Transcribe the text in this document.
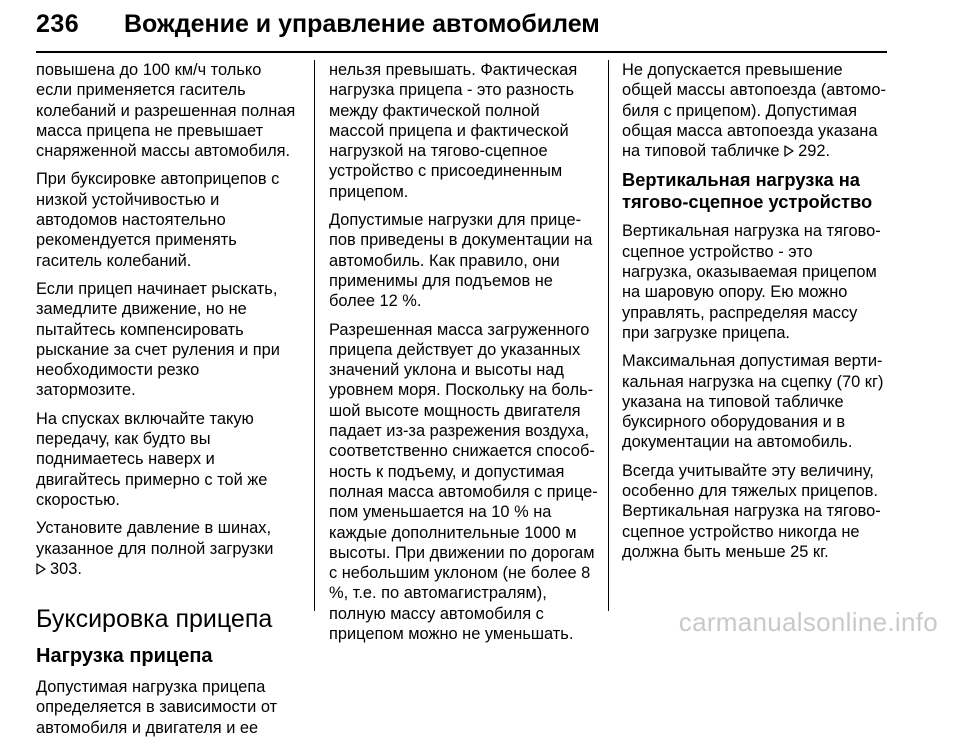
236 Вождение и управление автомобилем

повышена до 100 км/ч только если применяется гаситель колебаний и разрешенная полная масса прицепа не превышает снаряженной массы автомобиля.

При буксировке автоприцепов с низкой устойчивостью и автодомов настоятельно рекомендуется применять гаситель колебаний.

Если прицеп начинает рыскать, замедлите движение, но не пытайтесь компенсировать рыскание за счет руления и при необходимости резко затормозите.

На спусках включайте такую передачу, как будто вы поднимаетесь наверх и двигайтесь примерно с той же скоростью.

Установите давление в шинах, указанное для полной загрузки
303.

Буксировка прицепа
Нагрузка прицепа

Допустимая нагрузка прицепа определяется в зависимости от автомобиля и двигателя и ее

нельзя превышать. Фактическая нагрузка прицепа - это разность между фактической полной массой прицепа и фактической нагрузкой на тягово-сцепное устройство с присоединенным прицепом.

Допустимые нагрузки для прицепов приведены в документации на автомобиль. Как правило, они применимы для подъемов не более 12 %.

Разрешенная масса загруженного прицепа действует до указанных значений уклона и высоты над уровнем моря. Поскольку на большой высоте мощность двигателя падает из-за разрежения воздуха, соответственно снижается способность к подъему, и допустимая полная масса автомобиля с прицепом уменьшается на 10 % на каждые дополнительные 1000 м высоты. При движении по дорогам с небольшим уклоном (не более 8 %, т.е. по автомагистралям), полную массу автомобиля с прицепом можно не уменьшать.

Не допускается превышение общей массы автопоезда (автомобиля с прицепом). Допустимая общая масса автопоезда указана на типовой табличке 292.

Вертикальная нагрузка на тягово-сцепное устройство

Вертикальная нагрузка на тягово-сцепное устройство - это нагрузка, оказываемая прицепом на шаровую опору. Ею можно управлять, распределяя массу при загрузке прицепа.

Максимальная допустимая вертикальная нагрузка на сцепку (70 кг) указана на типовой табличке буксирного оборудования и в документации на автомобиль.

Всегда учитывайте эту величину, особенно для тяжелых прицепов. Вертикальная нагрузка на тягово-сцепное устройство никогда не должна быть меньше 25 кг.

carmanualsonline.info
